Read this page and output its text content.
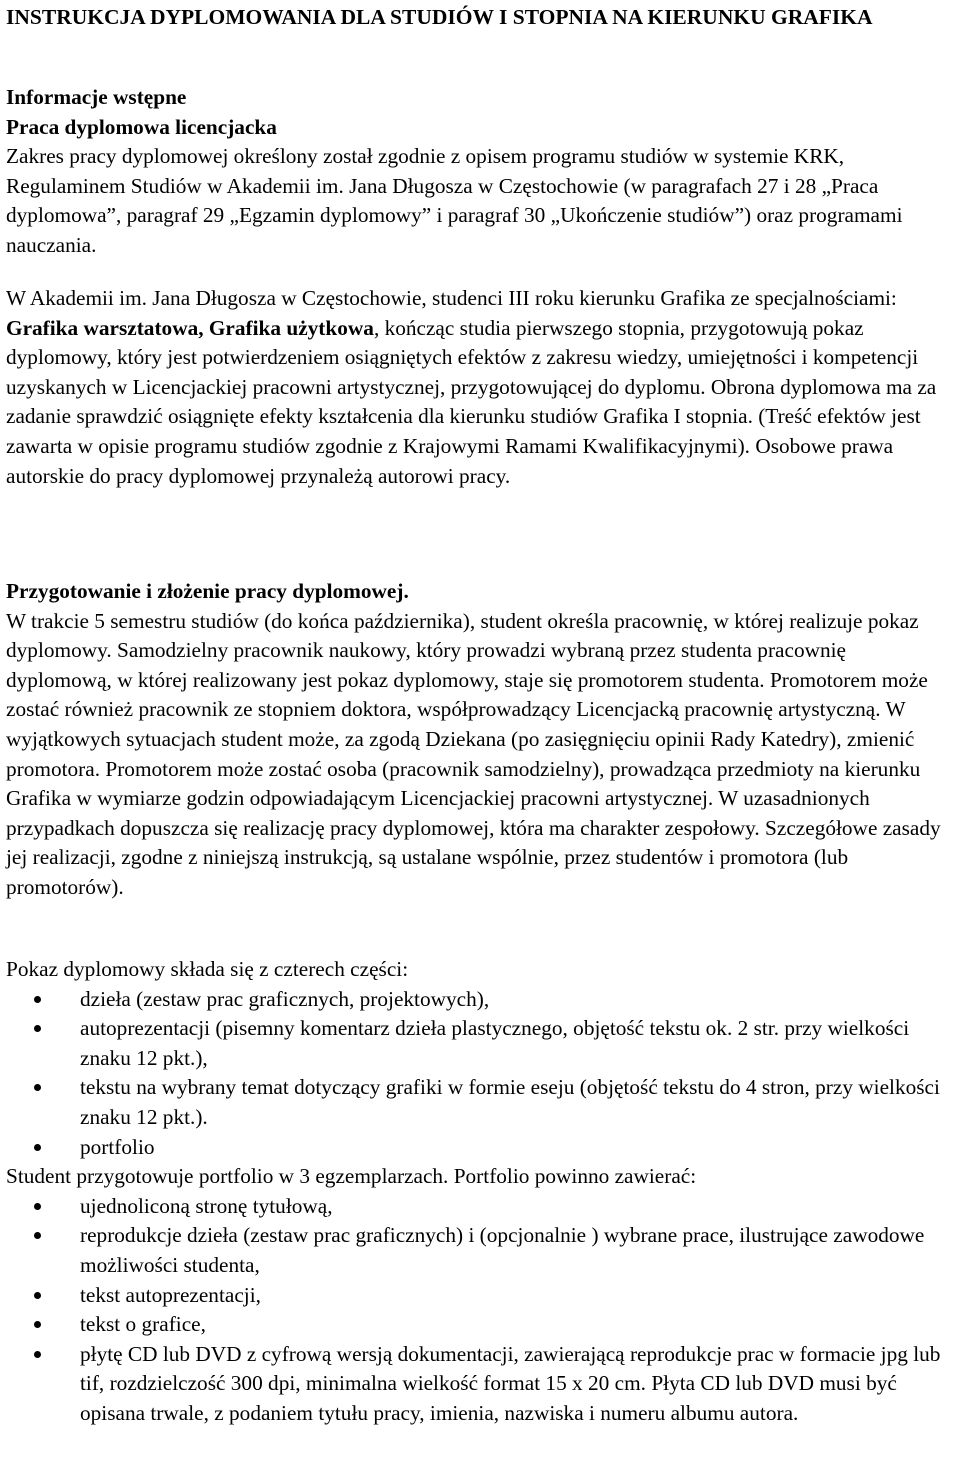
INSTRUKCJA DYPLOMOWANIA DLA STUDIÓW I STOPNIA NA KIERUNKU GRAFIKA

Informacje wstępne

Praca dyplomowa licencjacka

Zakres pracy dyplomowej określony został zgodnie z opisem programu studiów w systemie KRK, Regulaminem Studiów w Akademii im. Jana Długosza w Częstochowie (w paragrafach 27 i 28 „Praca dyplomowa”, paragraf 29 „Egzamin dyplomowy” i paragraf 30 „Ukończenie studiów”) oraz programami nauczania.

W Akademii im. Jana Długosza w Częstochowie, studenci III roku kierunku Grafika ze specjalnościami: Grafika warsztatowa, Grafika użytkowa, kończąc studia pierwszego stopnia, przygotowują pokaz dyplomowy, który jest potwierdzeniem osiągniętych efektów z zakresu wiedzy, umiejętności i kompetencji uzyskanych w Licencjackiej pracowni artystycznej, przygotowującej do dyplomu. Obrona dyplomowa ma za zadanie sprawdzić osiągnięte efekty kształcenia dla kierunku studiów Grafika I stopnia. (Treść efektów jest zawarta w opisie programu studiów zgodnie z Krajowymi Ramami Kwalifikacyjnymi). Osobowe prawa autorskie do pracy dyplomowej przynależą autorowi pracy.

Przygotowanie i złożenie pracy dyplomowej.

W trakcie 5 semestru studiów (do końca października), student określa pracownię, w której realizuje pokaz dyplomowy. Samodzielny pracownik naukowy, który prowadzi wybraną przez studenta pracownię dyplomową, w której realizowany jest pokaz dyplomowy, staje się promotorem studenta. Promotorem może zostać również pracownik ze stopniem doktora, współprowadzący Licencjacką pracownię artystyczną. W wyjątkowych sytuacjach student może, za zgodą Dziekana (po zasięgnięciu opinii Rady Katedry), zmienić promotora. Promotorem może zostać osoba (pracownik samodzielny), prowadząca przedmioty na kierunku Grafika w wymiarze godzin odpowiadającym Licencjackiej pracowni artystycznej. W uzasadnionych przypadkach dopuszcza się realizację pracy dyplomowej, która ma charakter zespołowy. Szczegółowe zasady jej realizacji, zgodne z niniejszą instrukcją, są ustalane wspólnie, przez studentów i promotora (lub promotorów).

Pokaz dyplomowy składa się z czterech części:

dzieła (zestaw prac graficznych, projektowych),
autoprezentacji (pisemny komentarz dzieła plastycznego, objętość tekstu ok. 2 str. przy wielkości znaku 12 pkt.),
tekstu na wybrany temat dotyczący grafiki w formie eseju (objętość tekstu do 4 stron, przy wielkości znaku 12 pkt.).
portfolio

Student przygotowuje portfolio w 3 egzemplarzach. Portfolio powinno zawierać:

ujednoliconą stronę tytułową,
reprodukcje dzieła (zestaw prac graficznych) i (opcjonalnie ) wybrane prace, ilustrujące zawodowe możliwości studenta,
tekst autoprezentacji,
tekst o grafice,
płytę CD lub DVD z cyfrową wersją dokumentacji, zawierającą reprodukcje prac w formacie jpg lub tif, rozdzielczość 300 dpi, minimalna wielkość format 15 x 20 cm. Płyta CD lub DVD musi być opisana trwale, z podaniem tytułu pracy, imienia, nazwiska i numeru albumu autora.
